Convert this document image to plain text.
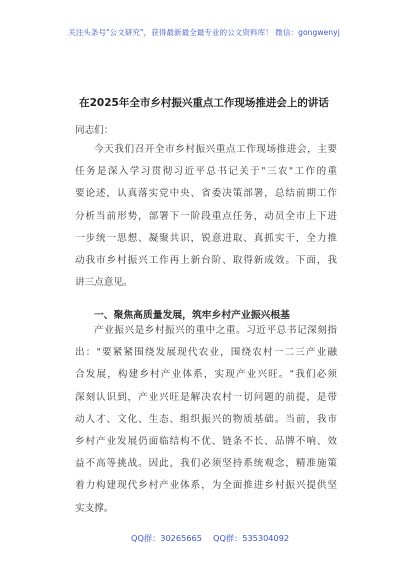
关注头条号"公文研究"，获得最新最全最专业的公文资料库！ 微信：gongwenyj
在2025年全市乡村振兴重点工作现场推进会上的讲话
同志们：
今天我们召开全市乡村振兴重点工作现场推进会，主要
任务是深入学习贯彻习近平总书记关于"三农"工作的重
要论述，认真落实党中央、省委决策部署，总结前期工作
分析当前形势，部署下一阶段重点任务，动员全市上下进
一步统一思想、凝聚共识，锐意进取、真抓实干，全力推
动我市乡村振兴工作再上新台阶、取得新成效。下面，我
讲三点意见。
一、聚焦高质量发展，筑牢乡村产业振兴根基
产业振兴是乡村振兴的重中之重。习近平总书记深刻指
出："要紧紧围绕发展现代农业，围绕农村一二三产业融
合发展，构建乡村产业体系，实现产业兴旺。"我们必须
深刻认识到，产业兴旺是解决农村一切问题的前提，是带
动人才、文化、生态、组织振兴的物质基础。当前，我市
乡村产业发展仍面临结构不优、链条不长、品牌不响、效
益不高等挑战。因此，我们必须坚持系统观念，精准施策
着力构建现代乡村产业体系，为全面推进乡村振兴提供坚
实支撑。
QQ群：30265665 QQ群：535304092
